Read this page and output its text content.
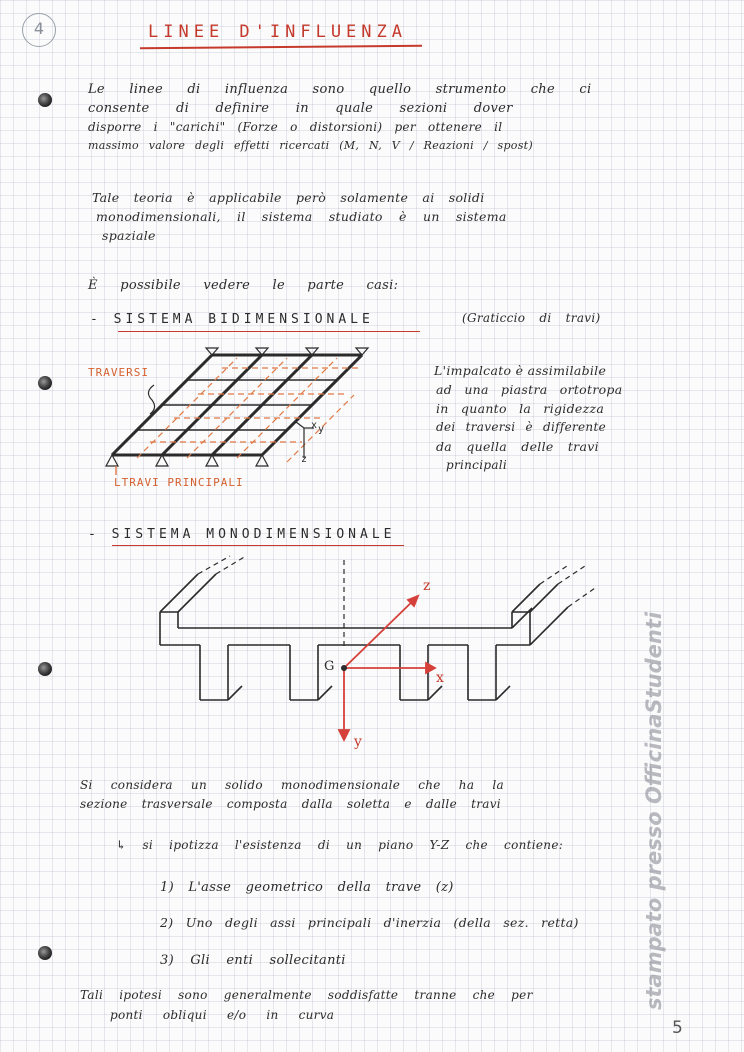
4	LINEE D'INFLUENZA
Le linee di influenza sono quello strumento che ci
consente di definire in quale sezioni dover
disporre i "carichi" (Forze o distorsioni) per ottenere il
massimo valore degli effetti ricercati (M, N, V / Reazioni / spost)
Tale teoria è applicabile però solamente ai solidi
monodimensionali, il sistema studiato è un sistema
spaziale
È possibile vedere le parte casi:
- SISTEMA BIDIMENSIONALE	(Graticcio di travi)
TRAVERSI
LTRAVI PRINCIPALI
x y
z
L'impalcato è assimilabile
ad una piastra ortotropa
in quanto la rigidezza
dei traversi è differente
da quella delle travi
principali
- SISTEMA MONODIMENSIONALE
z
x
y
G
Si considera un solido monodimensionale che ha la
sezione trasversale composta dalla soletta e dalle travi
↳ si ipotizza l'esistenza di un piano Y-Z che contiene:
1) L'asse geometrico della trave (z)
2) Uno degli assi principali d'inerzia (della sez. retta)
3) Gli enti sollecitanti
Tali ipotesi sono generalmente soddisfatte tranne che per
ponti obliqui e/o in curva
stampato presso OfficinaStudenti
5
